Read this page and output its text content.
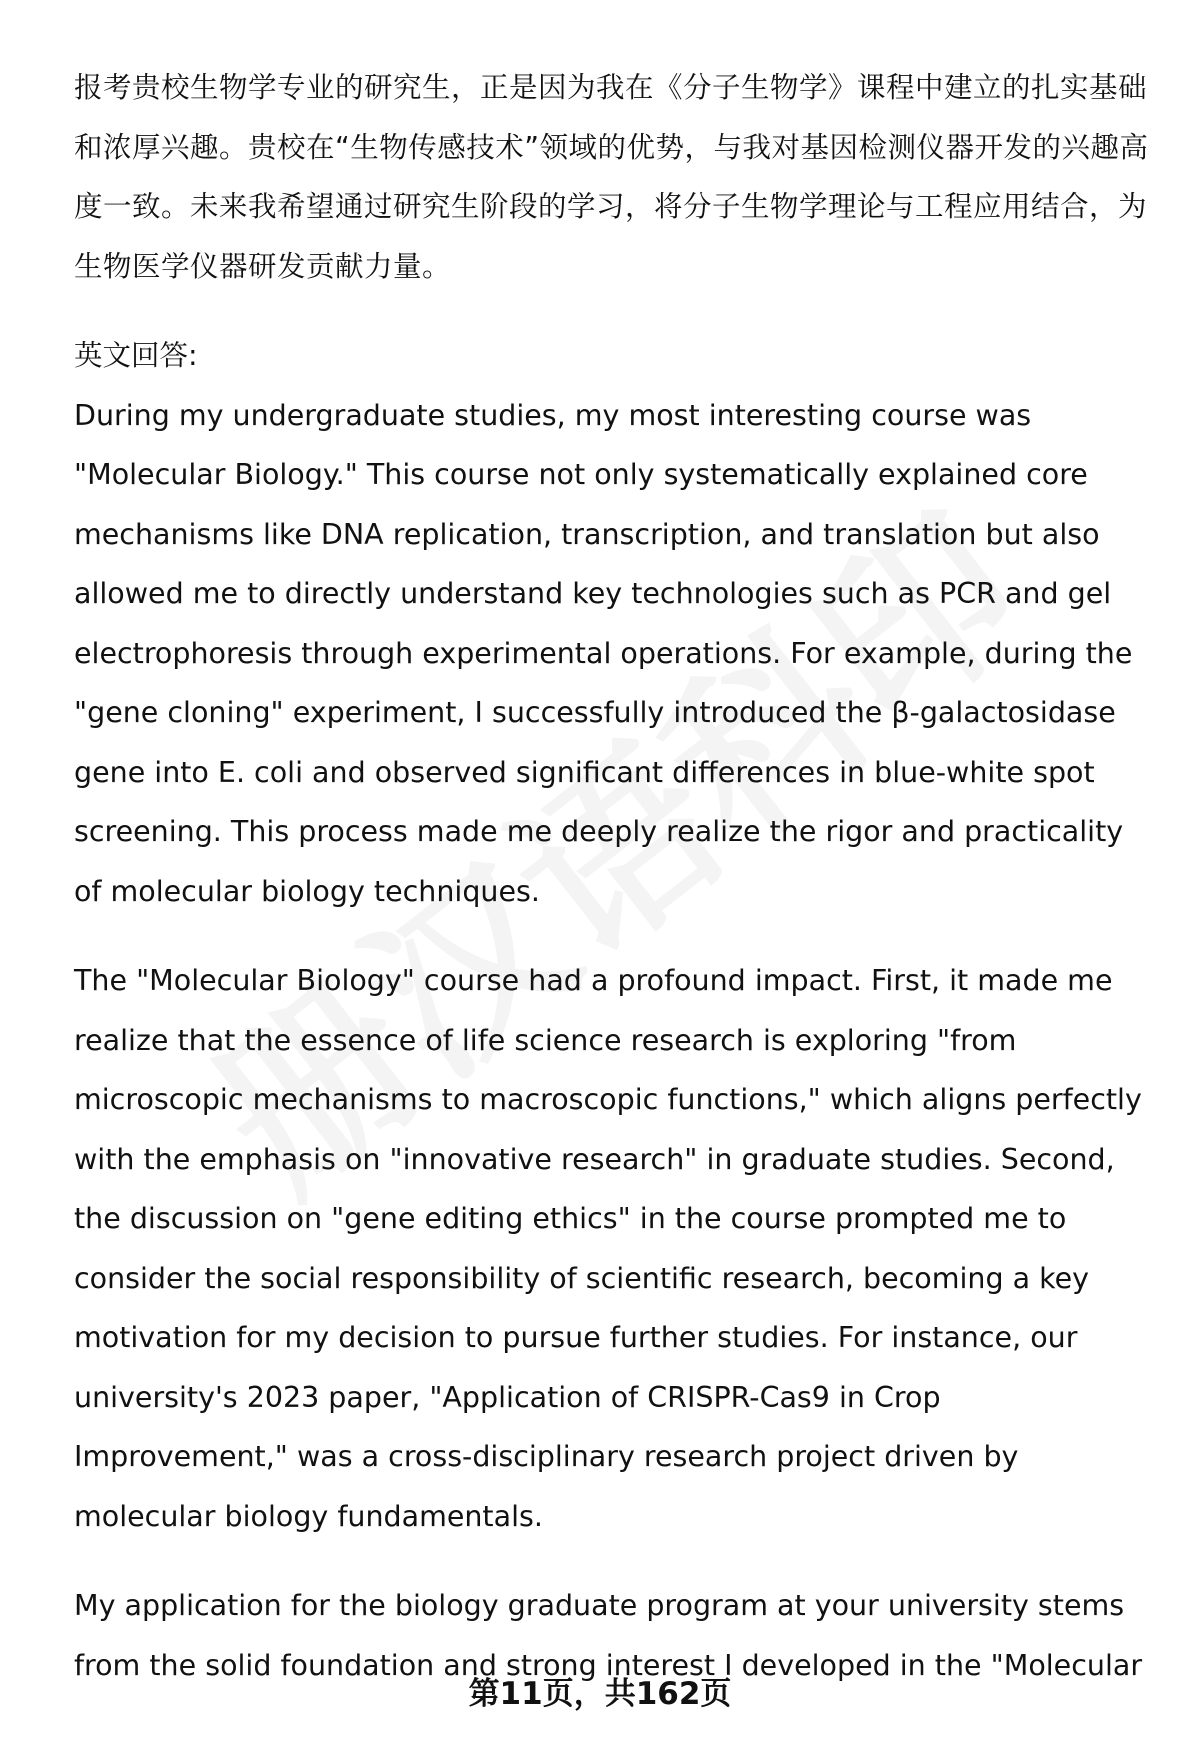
报考贵校生物学专业的研究生，正是因为我在《分子生物学》课程中建立的扎实基础和浓厚兴趣。贵校在“生物传感技术”领域的优势，与我对基因检测仪器开发的兴趣高度一致。未来我希望通过研究生阶段的学习，将分子生物学理论与工程应用结合，为生物医学仪器研发贡献力量。

英文回答:

During my undergraduate studies, my most interesting course was "Molecular Biology." This course not only systematically explained core mechanisms like DNA replication, transcription, and translation but also allowed me to directly understand key technologies such as PCR and gel electrophoresis through experimental operations. For example, during the "gene cloning" experiment, I successfully introduced the β-galactosidase gene into E. coli and observed significant differences in blue-white spot screening. This process made me deeply realize the rigor and practicality of molecular biology techniques.

The "Molecular Biology" course had a profound impact. First, it made me realize that the essence of life science research is exploring "from microscopic mechanisms to macroscopic functions," which aligns perfectly with the emphasis on "innovative research" in graduate studies. Second, the discussion on "gene editing ethics" in the course prompted me to consider the social responsibility of scientific research, becoming a key motivation for my decision to pursue further studies. For instance, our university's 2023 paper, "Application of CRISPR-Cas9 in Crop Improvement," was a cross-disciplinary research project driven by molecular biology fundamentals.

My application for the biology graduate program at your university stems from the solid foundation and strong interest I developed in the "Molecular

第11页，共162页
